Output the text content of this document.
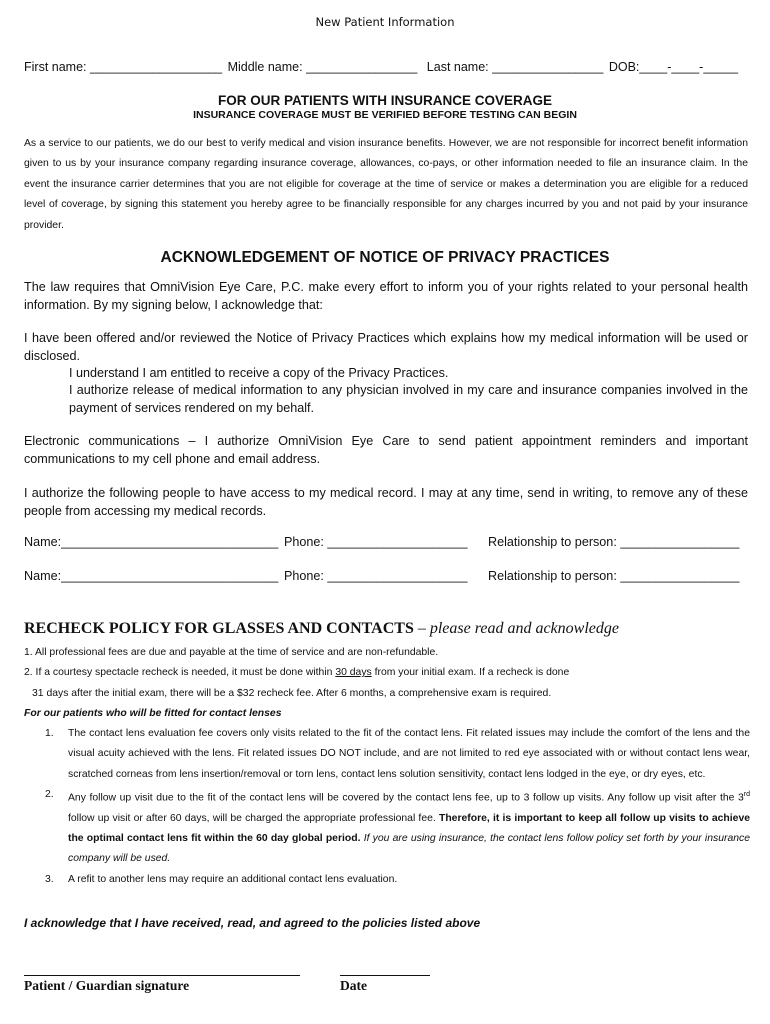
New Patient Information
First name: ___________________ Middle name: ________________ Last name: ________________ DOB:____-____-_____
FOR OUR PATIENTS WITH INSURANCE COVERAGE
INSURANCE COVERAGE MUST BE VERIFIED BEFORE TESTING CAN BEGIN
As a service to our patients, we do our best to verify medical and vision insurance benefits. However, we are not responsible for incorrect benefit information given to us by your insurance company regarding insurance coverage, allowances, co-pays, or other information needed to file an insurance claim. In the event the insurance carrier determines that you are not eligible for coverage at the time of service or makes a determination you are eligible for a reduced level of coverage, by signing this statement you hereby agree to be financially responsible for any charges incurred by you and not paid by your insurance provider.
ACKNOWLEDGEMENT OF NOTICE OF PRIVACY PRACTICES
The law requires that OmniVision Eye Care, P.C. make every effort to inform you of your rights related to your personal health information. By my signing below, I acknowledge that:
I have been offered and/or reviewed the Notice of Privacy Practices which explains how my medical information will be used or disclosed.
I understand I am entitled to receive a copy of the Privacy Practices.
I authorize release of medical information to any physician involved in my care and insurance companies involved in the payment of services rendered on my behalf.
Electronic communications – I authorize OmniVision Eye Care to send patient appointment reminders and important communications to my cell phone and email address.
I authorize the following people to have access to my medical record. I may at any time, send in writing, to remove any of these people from accessing my medical records.
Name:_______________________________ Phone: ____________________ Relationship to person: _________________
Name:_______________________________ Phone: ____________________ Relationship to person: _________________
RECHECK POLICY FOR GLASSES AND CONTACTS – please read and acknowledge
1. All professional fees are due and payable at the time of service and are non-refundable.
2. If a courtesy spectacle recheck is needed, it must be done within 30 days from your initial exam. If a recheck is done
31 days after the initial exam, there will be a $32 recheck fee. After 6 months, a comprehensive exam is required.
For our patients who will be fitted for contact lenses
1. The contact lens evaluation fee covers only visits related to the fit of the contact lens. Fit related issues may include the comfort of the lens and the visual acuity achieved with the lens. Fit related issues DO NOT include, and are not limited to red eye associated with or without contact lens wear, scratched corneas from lens insertion/removal or torn lens, contact lens solution sensitivity, contact lens lodged in the eye, or dry eyes, etc.
2. Any follow up visit due to the fit of the contact lens will be covered by the contact lens fee, up to 3 follow up visits. Any follow up visit after the 3rd follow up visit or after 60 days, will be charged the appropriate professional fee. Therefore, it is important to keep all follow up visits to achieve the optimal contact lens fit within the 60 day global period. If you are using insurance, the contact lens follow policy set forth by your insurance company will be used.
3. A refit to another lens may require an additional contact lens evaluation.
I acknowledge that I have received, read, and agreed to the policies listed above
Patient / Guardian signature	Date
